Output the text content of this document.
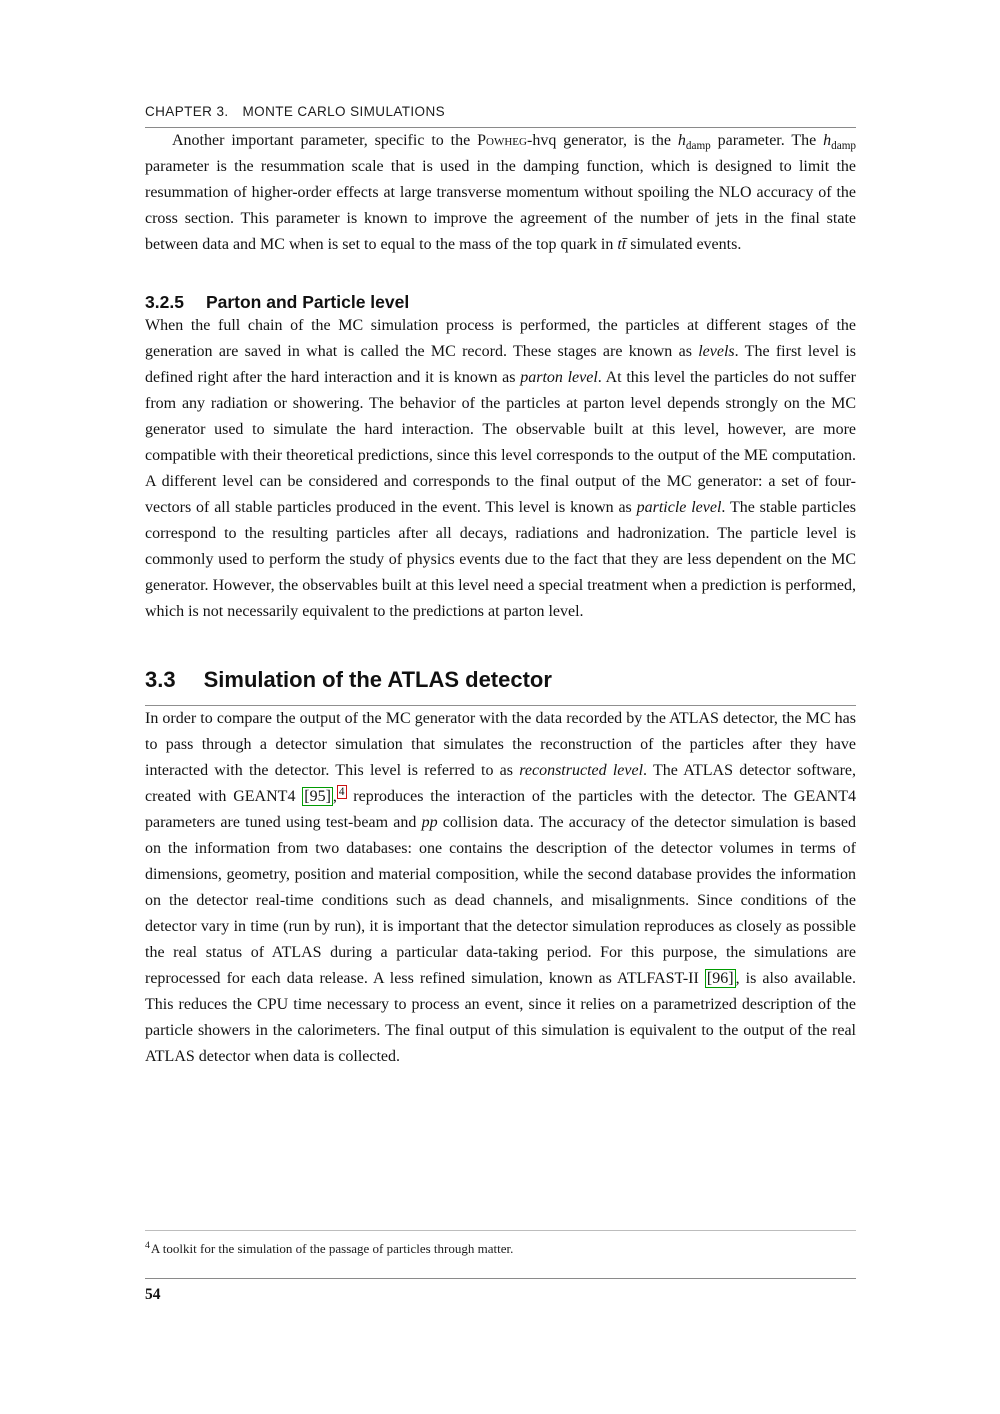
CHAPTER 3. MONTE CARLO SIMULATIONS

Another important parameter, specific to the Powheg-hvq generator, is the $h_{damp}$ parameter. The $h_{damp}$ parameter is the resummation scale that is used in the damping function, which is designed to limit the resummation of higher-order effects at large transverse momentum without spoiling the NLO accuracy of the cross section. This parameter is known to improve the agreement of the number of jets in the final state between data and MC when is set to equal to the mass of the top quark in tt̄ simulated events.

3.2.5 Parton and Particle level

When the full chain of the MC simulation process is performed, the particles at different stages of the generation are saved in what is called the MC record. These stages are known as levels. The first level is defined right after the hard interaction and it is known as parton level. At this level the particles do not suffer from any radiation or showering. The behavior of the particles at parton level depends strongly on the MC generator used to simulate the hard interaction. The observable built at this level, however, are more compatible with their theoretical predictions, since this level corresponds to the output of the ME computation. A different level can be considered and corresponds to the final output of the MC generator: a set of four-vectors of all stable particles produced in the event. This level is known as particle level. The stable particles correspond to the resulting particles after all decays, radiations and hadronization. The particle level is commonly used to perform the study of physics events due to the fact that they are less dependent on the MC generator. However, the observables built at this level need a special treatment when a prediction is performed, which is not necessarily equivalent to the predictions at parton level.

3.3 Simulation of the ATLAS detector

In order to compare the output of the MC generator with the data recorded by the ATLAS detector, the MC has to pass through a detector simulation that simulates the reconstruction of the particles after they have interacted with the detector. This level is referred to as reconstructed level. The ATLAS detector software, created with GEANT4 [95] , $^4$ reproduces the interaction of the particles with the detector. The GEANT4 parameters are tuned using test-beam and pp collision data. The accuracy of the detector simulation is based on the information from two databases: one contains the description of the detector volumes in terms of dimensions, geometry, position and material composition, while the second database provides the information on the detector real-time conditions such as dead channels, and misalignments. Since conditions of the detector vary in time (run by run), it is important that the detector simulation reproduces as closely as possible the real status of ATLAS during a particular data-taking period. For this purpose, the simulations are reprocessed for each data release. A less refined simulation, known as ATLFAST-II [96] , is also available. This reduces the CPU time necessary to process an event, since it relies on a parametrized description of the particle showers in the calorimeters. The final output of this simulation is equivalent to the output of the real ATLAS detector when data is collected.

$^4$A toolkit for the simulation of the passage of particles through matter.
54
